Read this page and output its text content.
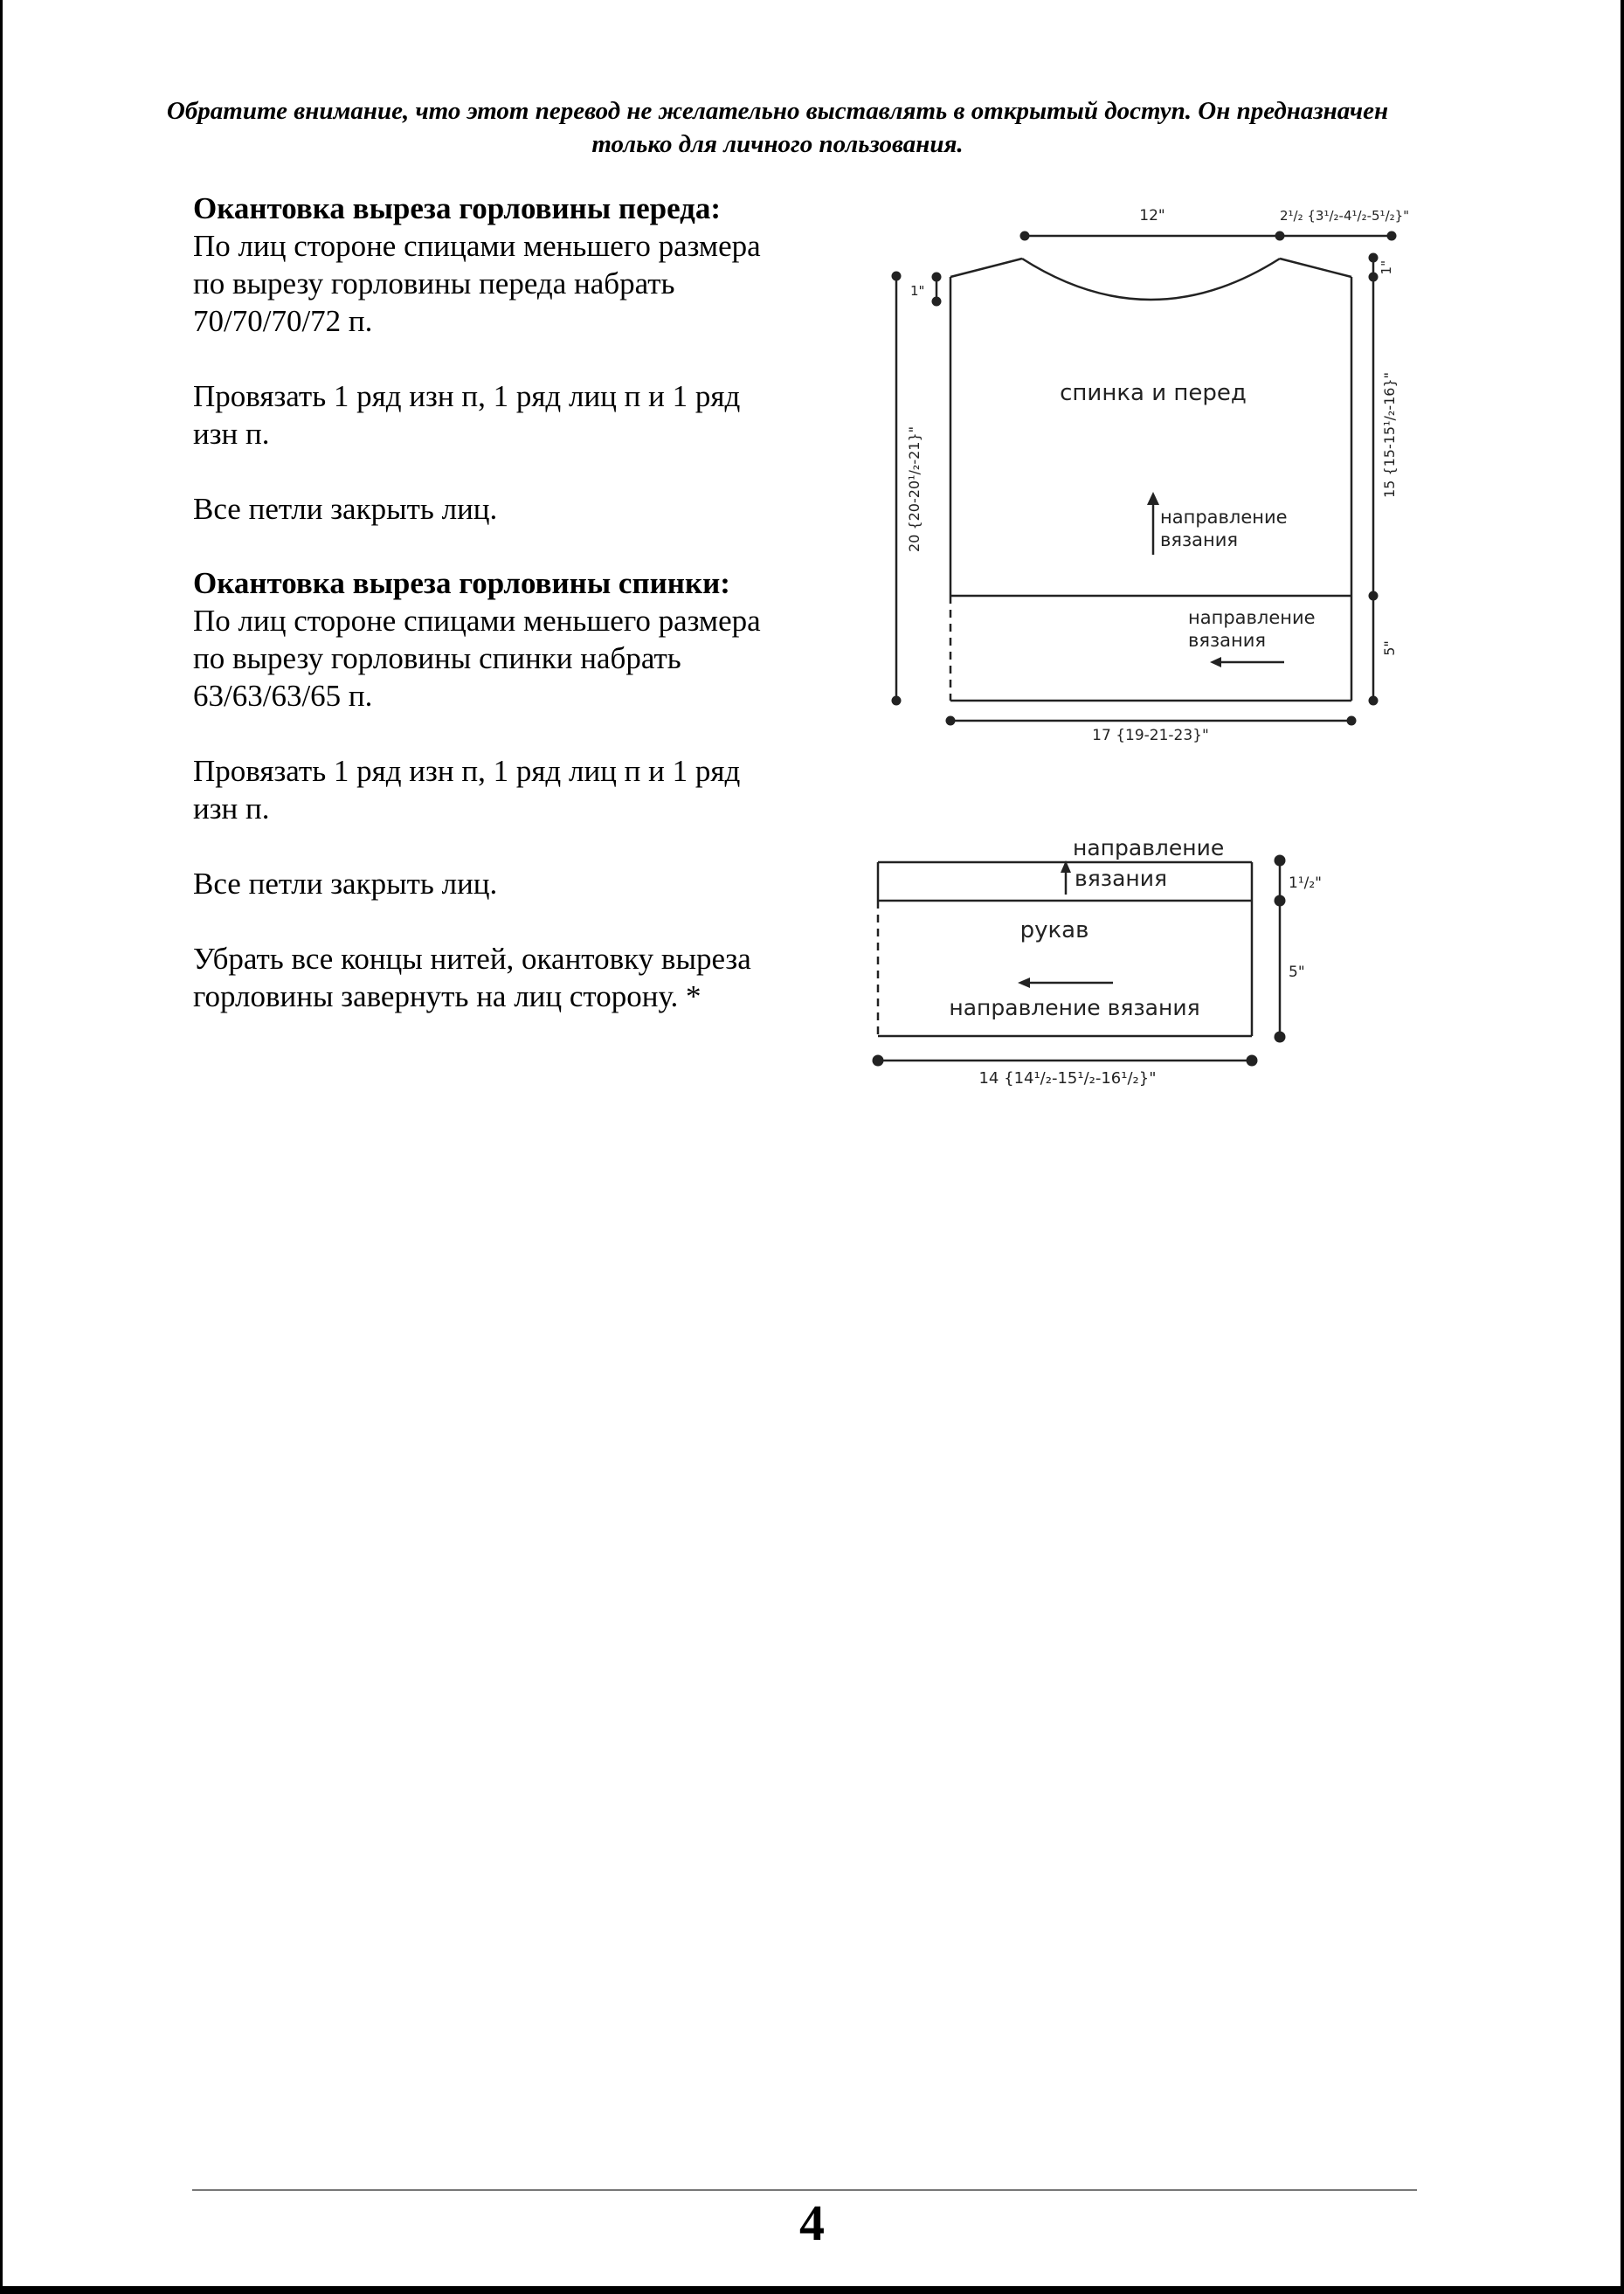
Обратите внимание, что этот перевод не желательно выставлять в открытый доступ. Он предназначен только для личного пользования.
Окантовка выреза горловины переда:

По лиц стороне спицами меньшего размера по вырезу горловины переда набрать 70/70/70/72 п.

Провязать 1 ряд изн п, 1 ряд лиц п и 1 ряд изн п.

Все петли закрыть лиц.

Окантовка выреза горловины спинки:

По лиц стороне спицами меньшего размера по вырезу горловины спинки набрать 63/63/63/65 п.

Провязать 1 ряд изн п, 1 ряд лиц п и 1 ряд изн п.

Все петли закрыть лиц.

Убрать все концы нитей, окантовку выреза горловины завернуть на лиц сторону. *

спинка и перед
12"	2¹/₂ {3¹/₂-4¹/₂-5¹/₂}"
1"
1"
20 {20-20¹/₂-21}"	15 {15-15¹/₂-16}"
5"
17 {19-21-23}"
направление
вязания
направление
вязания
направление
вязания
рукав
направление вязания
1¹/₂"
5"
14 {14¹/₂-15¹/₂-16¹/₂}"
4
